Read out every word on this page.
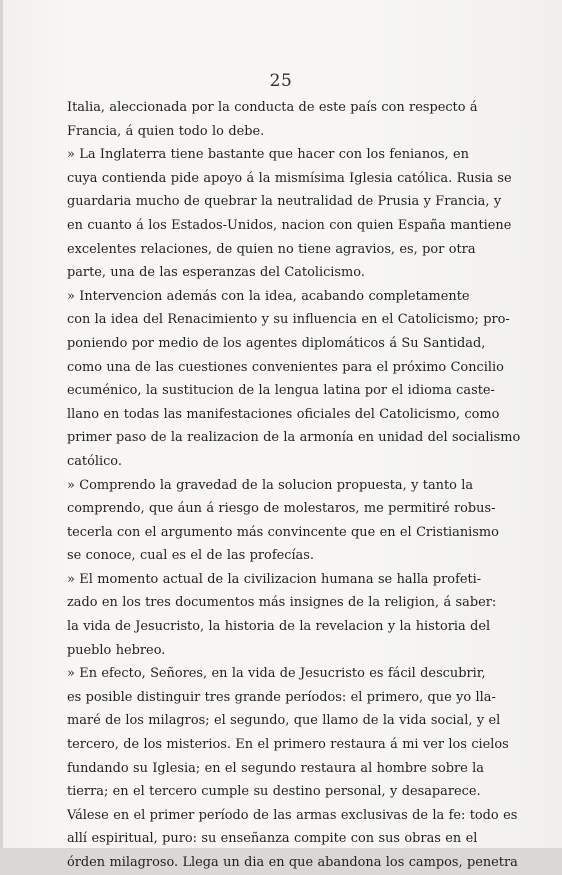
25
Italia, aleccionada por la conducta de este país con respecto á
Francia, á quien todo lo debe.
» La Inglaterra tiene bastante que hacer con los fenianos, en
cuya contienda pide apoyo á la mismísima Iglesia católica. Rusia se
guardaria mucho de quebrar la neutralidad de Prusia y Francia, y
en cuanto á los Estados-Unidos, nacion con quien España mantiene
excelentes relaciones, de quien no tiene agravios, es, por otra
parte, una de las esperanzas del Catolicismo.
» Intervencion además con la idea, acabando completamente
con la idea del Renacimiento y su influencia en el Catolicismo; pro-
poniendo por medio de los agentes diplomáticos á Su Santidad,
como una de las cuestiones convenientes para el próximo Concilio
ecuménico, la sustitucion de la lengua latina por el idioma caste-
llano en todas las manifestaciones oficiales del Catolicismo, como
primer paso de la realizacion de la armonía en unidad del socialismo
católico.
» Comprendo la gravedad de la solucion propuesta, y tanto la
comprendo, que áun á riesgo de molestaros, me permitiré robus-
tecerla con el argumento más convincente que en el Cristianismo
se conoce, cual es el de las profecías.
» El momento actual de la civilizacion humana se halla profeti-
zado en los tres documentos más insignes de la religion, á saber:
la vida de Jesucristo, la historia de la revelacion y la historia del
pueblo hebreo.
» En efecto, Señores, en la vida de Jesucristo es fácil descubrir,
es posible distinguir tres grande períodos: el primero, que yo lla-
maré de los milagros; el segundo, que llamo de la vida social, y el
tercero, de los misterios. En el primero restaura á mi ver los cielos
fundando su Iglesia; en el segundo restaura al hombre sobre la
tierra; en el tercero cumple su destino personal, y desaparece.
Válese en el primer período de las armas exclusivas de la fe: todo es
allí espiritual, puro: su enseñanza compite con sus obras en el
órden milagroso. Llega un dia en que abandona los campos, penetra
